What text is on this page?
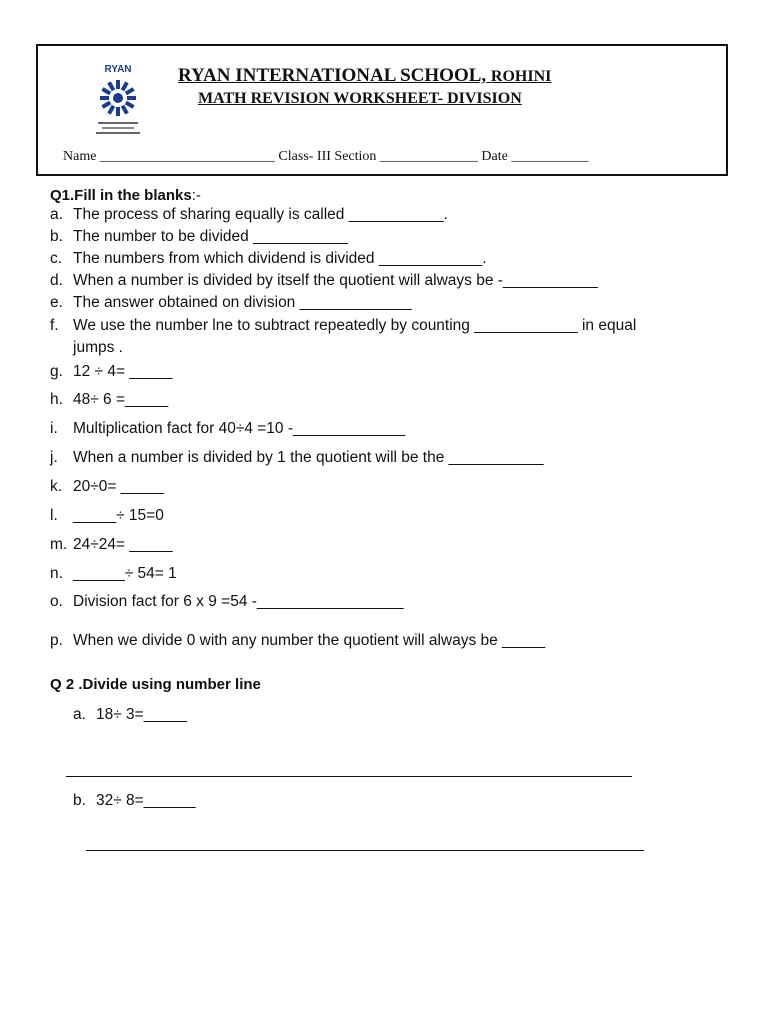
RYAN	RYAN INTERNATIONAL SCHOOL, ROHINI
MATH REVISION WORKSHEET- DIVISION
Name _________________________ Class- III Section ______________ Date ___________
Q1.Fill in the blanks:-
a. The process of sharing equally is called ___________.
b. The number to be divided ___________
c. The numbers from which dividend is divided ____________.
d. When a number is divided by itself the quotient will always be -___________
e. The answer obtained on division _____________
f. We use the number lne to subtract repeatedly by counting ____________ in equal
jumps .
g. 12 ÷ 4= _____
h. 48÷ 6 =_____
i. Multiplication fact for 40÷4 =10 -_____________
j. When a number is divided by 1 the quotient will be the ___________
k. 20÷0= _____
l. _____÷ 15=0
m. 24÷24= _____
n. ______÷ 54= 1
o. Division fact for 6 x 9 =54 -_________________
p. When we divide 0 with any number the quotient will always be _____
Q 2 .Divide using number line
a. 18÷ 3=_____
b. 32÷ 8=______
